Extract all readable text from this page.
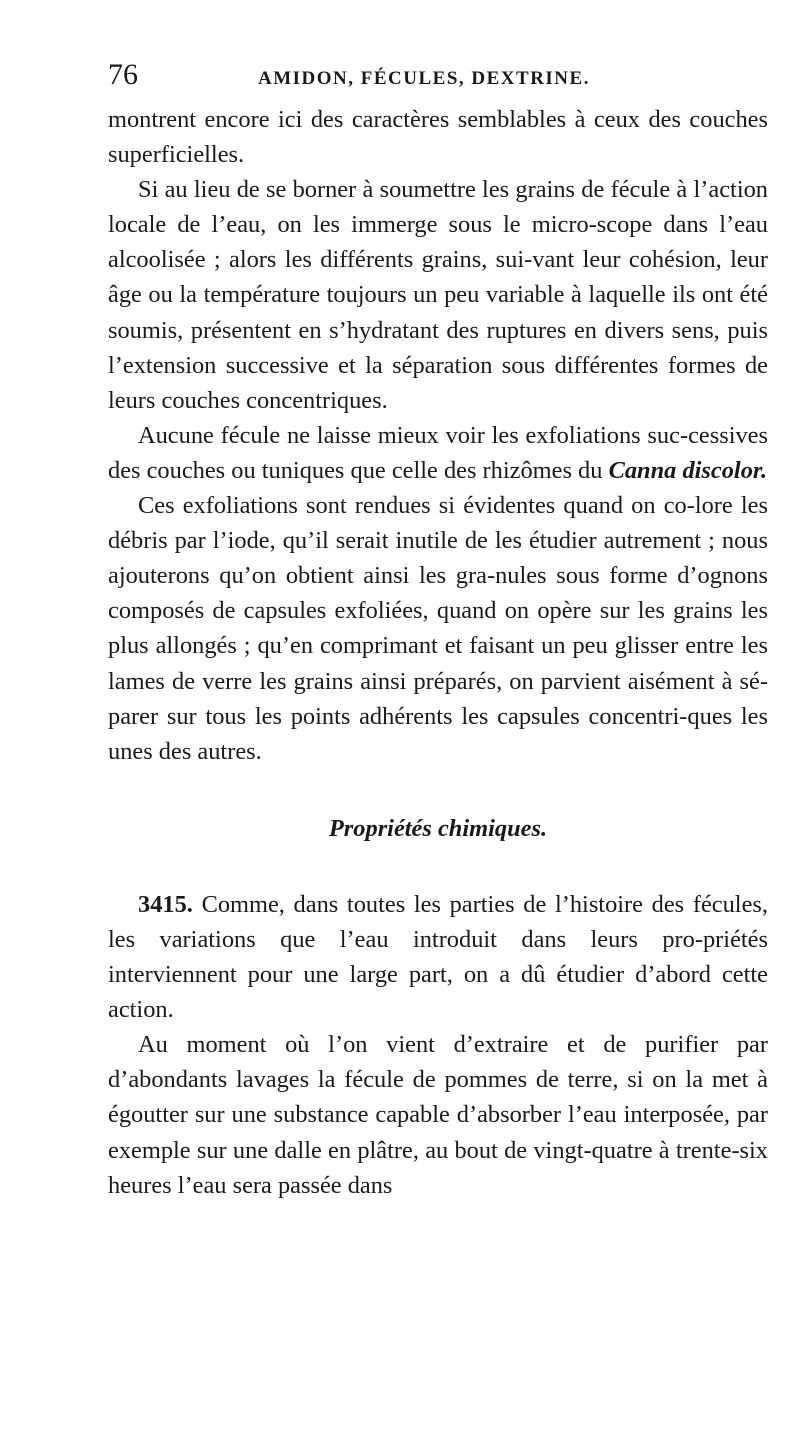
76	AMIDON, FÉCULES, DEXTRINE.

montrent encore ici des caractères semblables à ceux des couches superficielles.

Si au lieu de se borner à soumettre les grains de fécule à l’action locale de l’eau, on les immerge sous le micro-scope dans l’eau alcoolisée ; alors les différents grains, sui-vant leur cohésion, leur âge ou la température toujours un peu variable à laquelle ils ont été soumis, présentent en s’hydratant des ruptures en divers sens, puis l’extension successive et la séparation sous différentes formes de leurs couches concentriques.

Aucune fécule ne laisse mieux voir les exfoliations suc-cessives des couches ou tuniques que celle des rhizômes du Canna discolor.

Ces exfoliations sont rendues si évidentes quand on co-lore les débris par l’iode, qu’il serait inutile de les étudier autrement ; nous ajouterons qu’on obtient ainsi les gra-nules sous forme d’ognons composés de capsules exfoliées, quand on opère sur les grains les plus allongés ; qu’en comprimant et faisant un peu glisser entre les lames de verre les grains ainsi préparés, on parvient aisément à sé-parer sur tous les points adhérents les capsules concentri-ques les unes des autres.

Propriétés chimiques.

3415. Comme, dans toutes les parties de l’histoire des fécules, les variations que l’eau introduit dans leurs pro-priétés interviennent pour une large part, on a dû étudier d’abord cette action.

Au moment où l’on vient d’extraire et de purifier par d’abondants lavages la fécule de pommes de terre, si on la met à égoutter sur une substance capable d’absorber l’eau interposée, par exemple sur une dalle en plâtre, au bout de vingt-quatre à trente-six heures l’eau sera passée dans
